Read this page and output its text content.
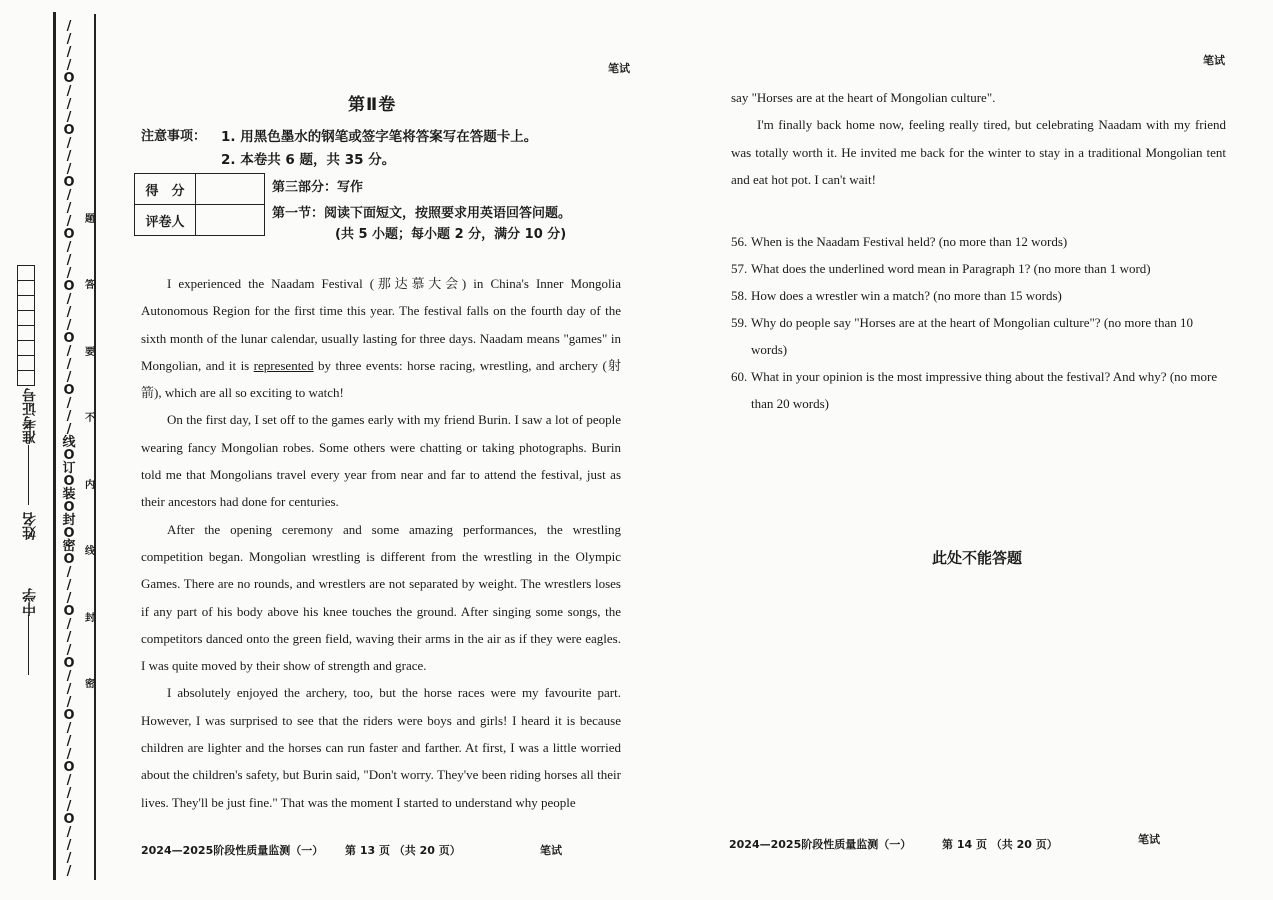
/
/
/
/
O
/
/
/
O
/
/
/
O
/
/
/
O
/
/
/
O
/
/
/
O
/
/
/
O
/
/
/
线
O
订
O
装
O
封
O
密
O
/
/
/
O
/
/
/
O
/
/
/
O
/
/
/
O
/
/
/
O
/
/
/
/
题
答
要
不
内
线
封
密
准考证号
姓名
中学
笔试
第Ⅱ卷
注意事项： 1. 用黑色墨水的钢笔或签字笔将答案写在答题卡上。
2. 本卷共 6 题，共 35 分。
得　分	
评卷人	
第三部分：写作
第一节：阅读下面短文，按照要求用英语回答问题。
(共 5 小题；每小题 2 分，满分 10 分)

I experienced the Naadam Festival (那达慕大会) in China's Inner Mongolia Autonomous Region for the first time this year. The festival falls on the fourth day of the sixth month of the lunar calendar, usually lasting for three days. Naadam means "games" in Mongolian, and it is represented by three events: horse racing, wrestling, and archery (射箭), which are all so exciting to watch!

On the first day, I set off to the games early with my friend Burin. I saw a lot of people wearing fancy Mongolian robes. Some others were chatting or taking photographs. Burin told me that Mongolians travel every year from near and far to attend the festival, just as their ancestors had done for centuries.

After the opening ceremony and some amazing performances, the wrestling competition began. Mongolian wrestling is different from the wrestling in the Olympic Games. There are no rounds, and wrestlers are not separated by weight. The wrestlers loses if any part of his body above his knee touches the ground. After singing some songs, the competitors danced onto the green field, waving their arms in the air as if they were eagles. I was quite moved by their show of strength and grace.

I absolutely enjoyed the archery, too, but the horse races were my favourite part. However, I was surprised to see that the riders were boys and girls! I heard it is because children are lighter and the horses can run faster and farther. At first, I was a little worried about the children's safety, but Burin said, "Don't worry. They've been riding horses all their lives. They'll be just fine." That was the moment I started to understand why people

2024—2025阶段性质量监测（一） 第 13 页 （共 20 页）	笔试
笔试

say "Horses are at the heart of Mongolian culture".

I'm finally back home now, feeling really tired, but celebrating Naadam with my friend was totally worth it. He invited me back for the winter to stay in a traditional Mongolian tent and eat hot pot. I can't wait!

56. When is the Naadam Festival held? (no more than 12 words)
57. What does the underlined word mean in Paragraph 1? (no more than 1 word)
58. How does a wrestler win a match? (no more than 15 words)
59. Why do people say "Horses are at the heart of Mongolian culture"? (no more than 10 words)
60. What in your opinion is the most impressive thing about the festival? And why? (no more than 20 words)
此处不能答题
2024—2025阶段性质量监测（一）	第 14 页 （共 20 页）	笔试
